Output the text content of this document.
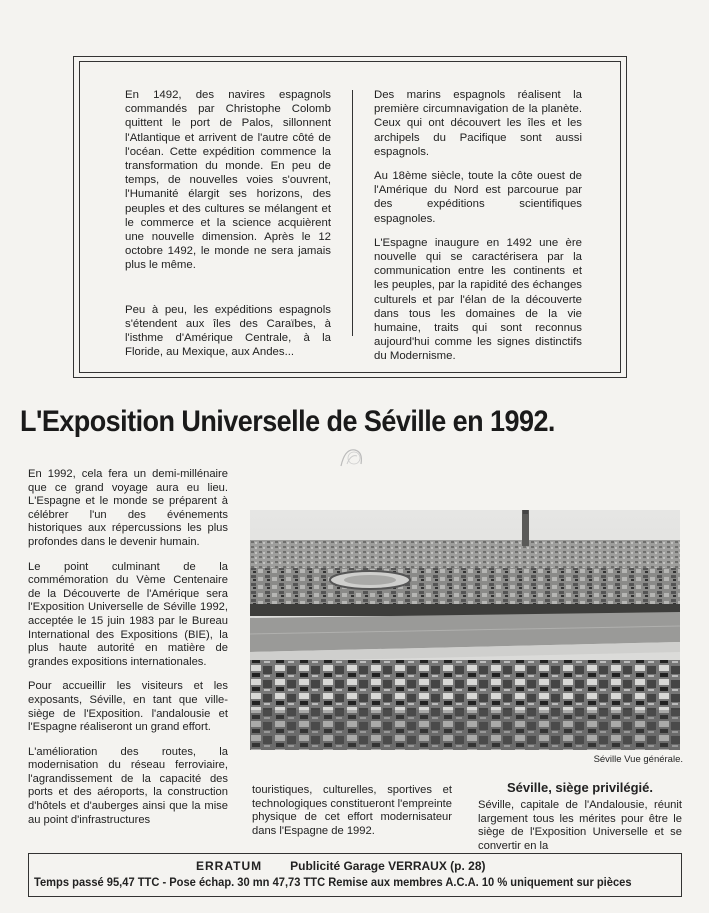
En 1492, des navires espagnols commandés par Christophe Colomb quittent le port de Palos, sillonnent l'Atlantique et arrivent de l'autre côté de l'océan. Cette expédition commence la transformation du monde. En peu de temps, de nouvelles voies s'ouvrent, l'Humanité élargit ses horizons, des peuples et des cultures se mélangent et le commerce et la science acquièrent une nouvelle dimension. Après le 12 octobre 1492, le monde ne sera jamais plus le même.

Peu à peu, les expéditions espagnols s'étendent aux îles des Caraïbes, à l'isthme d'Amérique Centrale, à la Floride, au Mexique, aux Andes...

Des marins espagnols réalisent la première circumnavigation de la planète. Ceux qui ont découvert les îles et les archipels du Pacifique sont aussi espagnols.

Au 18ème siècle, toute la côte ouest de l'Amérique du Nord est parcourue par des expéditions scientifiques espagnoles.

L'Espagne inaugure en 1492 une ère nouvelle qui se caractérisera par la communication entre les continents et les peuples, par la rapidité des échanges culturels et par l'élan de la découverte dans tous les domaines de la vie humaine, traits qui sont reconnus aujourd'hui comme les signes distinctifs du Modernisme.

L'Exposition Universelle de Séville en 1992.

En 1992, cela fera un demi-millénaire que ce grand voyage aura eu lieu. L'Espagne et le monde se préparent à célébrer l'un des événements historiques aux répercussions les plus profondes dans le devenir humain.

Le point culminant de la commémoration du Vème Centenaire de la Découverte de l'Amérique sera l'Exposition Universelle de Séville 1992, acceptée le 15 juin 1983 par le Bureau International des Expositions (BIE), la plus haute autorité en matière de grandes expositions internationales.

Pour accueillir les visiteurs et les exposants, Séville, en tant que ville-siège de l'Exposition. l'andalousie et l'Espagne réaliseront un grand effort.

L'amélioration des routes, la modernisation du réseau ferroviaire, l'agrandissement de la capacité des ports et des aéroports, la construction d'hôtels et d'auberges ainsi que la mise au point d'infrastructures

Séville Vue générale.

touristiques, culturelles, sportives et technologiques constitueront l'empreinte physique de cet effort modernisateur dans l'Espagne de 1992.

Séville, siège privilégié.

Séville, capitale de l'Andalousie, réunit largement tous les mérites pour être le siège de l'Exposition Universelle et se convertir en la

ERRATUM Publicité Garage VERRAUX (p. 28)
Temps passé 95,47 TTC - Pose échap. 30 mn 47,73 TTC Remise aux membres A.C.A. 10 % uniquement sur pièces
